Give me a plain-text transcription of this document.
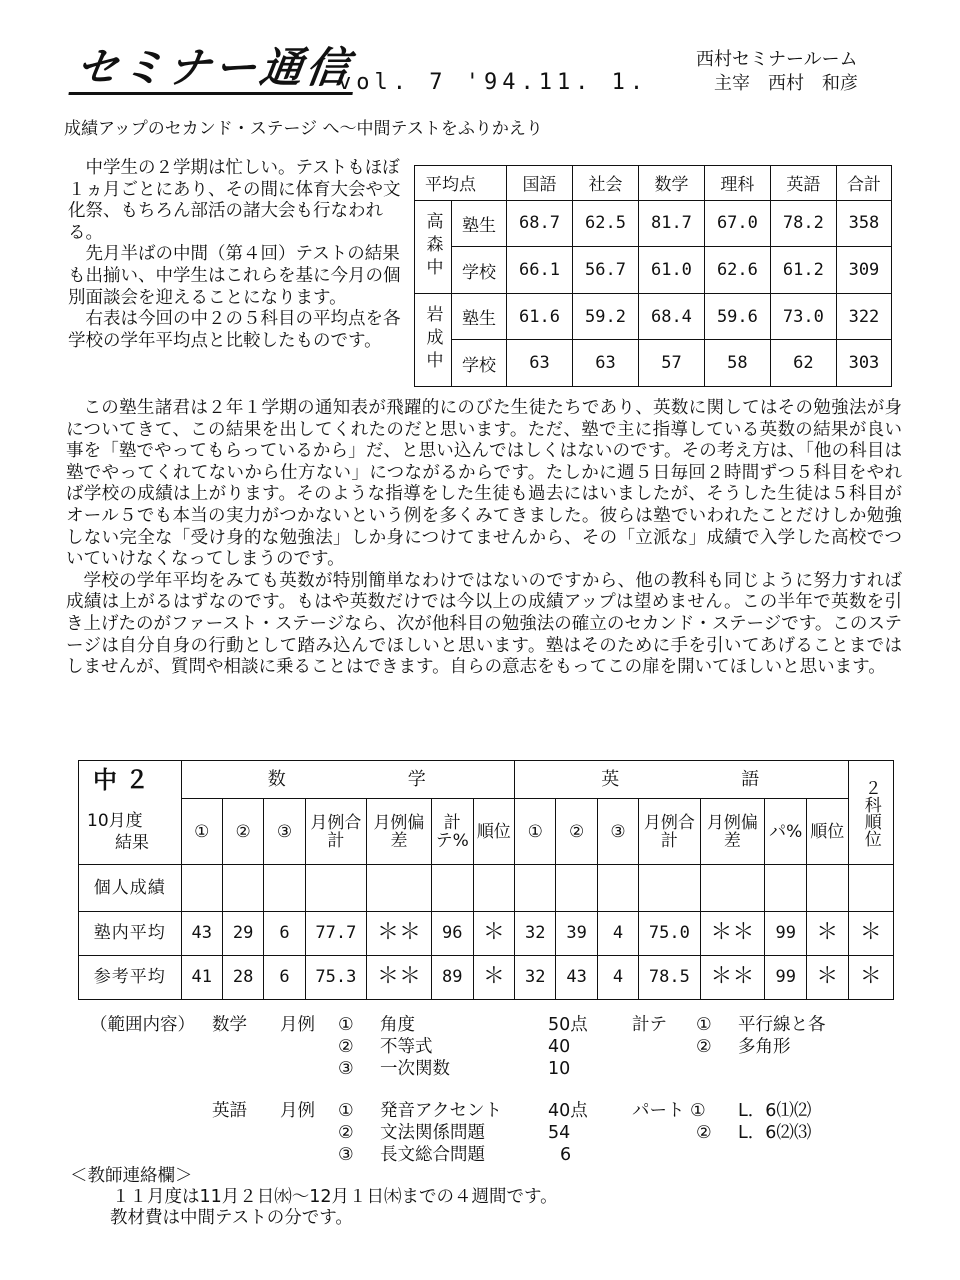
セミナー通信
vol. 7 '94.11. 1.
西村セミナールーム
主宰　西村　和彦
成績アップのセカンド・ステージ へ〜中間テストをふりかえり

中学生の２学期は忙しい。テストもほぼ１ヵ月ごとにあり、その間に体育大会や文化祭、もちろん部活の諸大会も行なわれる。

先月半ばの中間（第４回）テストの結果も出揃い、中学生はこれらを基に今月の個別面談会を迎えることになります。

右表は今回の中２の５科目の平均点を各学校の学年平均点と比較したものです。

平均点		国語	社会	数学	理科	英語	合計
高森中	塾生	68.7	62.5	81.7	67.0	78.2	358
	学校	66.1	56.7	61.0	62.6	61.2	309
岩成中	塾生	61.6	59.2	68.4	59.6	73.0	322
	学校	63	63	57	58	62	303

この塾生諸君は２年１学期の通知表が飛躍的にのびた生徒たちであり、英数に関してはその勉強法が身についてきて、この結果を出してくれたのだと思います。ただ、塾で主に指導している英数の結果が良い事を「塾でやってもらっているから」だ、と思い込んではしくはないのです。その考え方は、「他の科目は塾でやってくれてないから仕方ない」につながるからです。たしかに週５日毎回２時間ずつ５科目をやれば学校の成績は上がります。そのような指導をした生徒も過去にはいましたが、そうした生徒は５科目がオール５でも本当の実力がつかないという例を多くみてきました。彼らは塾でいわれたことだけしか勉強しない完全な「受け身的な勉強法」しか身につけてませんから、その「立派な」成績で入学した高校でついていけなくなってしまうのです。

学校の学年平均をみても英数が特別簡単なわけではないのですから、他の教科も同じように努力すれば成績は上がるはずなのです。もはや英数だけでは今以上の成績アップは望めません。この半年で英数を引き上げたのがファースト・ステージなら、次が他科目の勉強法の確立のセカンド・ステージです。このステージは自分自身の行動として踏み込んでほしいと思います。塾はそのために手を引いてあげることまではしませんが、質問や相談に乗ることはできます。自らの意志をもってこの扉を開いてほしいと思います。

中２	数 学							英 語							２科順位

10月度
結果	①	②	③	月例合計	月例偏差	計テ%	順位	①	②	③	月例合計	月例偏差	パ%	順位	
個人成績															
塾内平均	43	29	6	77.7	＊＊	96	＊	32	39	4	75.0	＊＊	99	＊	＊
参考平均	41	28	6	75.3	＊＊	89	＊	32	43	4	78.5	＊＊	99	＊	＊
（範囲内容） 数学 月例 ① 角度	50点	計テ ① 平行線と各
② 不等式	40	② 多角形
③ 一次関数	10
英語 月例 ① 発音アクセント	40点	パート ① L．6⑴⑵
② 文法関係問題	54	② L．6⑵⑶
③ 長文総合問題	6
＜教師連絡欄＞
１１月度は11月２日㈬〜12月１日㈭までの４週間です。
教材費は中間テストの分です。
